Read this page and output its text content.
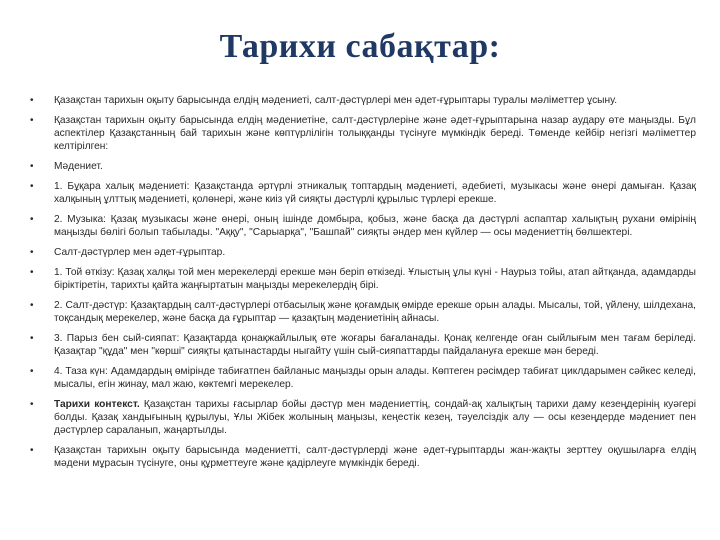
Тарихи сабақтар:
• Қазақстан тарихын оқыту барысында елдің мәдениеті, салт-дәстүрлері мен әдет-ғұрыптары туралы мәліметтер ұсыну.
• Қазақстан тарихын оқыту барысында елдің мәдениетіне, салт-дәстүрлеріне және әдет-ғұрыптарына назар аудару өте маңызды. Бұл аспектілер Қазақстанның бай тарихын және көптүрлілігін толыққанды түсінуге мүмкіндік береді. Төменде кейбір негізгі мәліметтер келтірілген:
• Мәдениет.
• 1. Бұқара халық мәдениеті: Қазақстанда әртүрлі этникалық топтардың мәдениеті, әдебиеті, музыкасы және өнері дамыған. Қазақ халқының ұлттық мәдениеті, қолөнері, және киіз үй сияқты дәстүрлі құрылыс түрлері ерекше.
• 2. Музыка: Қазақ музыкасы және өнері, оның ішінде домбыра, қобыз, және басқа да дәстүрлі аспаптар халықтың рухани өмірінің маңызды бөлігі болып табылады. "Аққу", "Сарыарқа", "Башпай" сияқты әндер мен күйлер — осы мәдениеттің бөлшектері.
• Салт-дәстүрлер мен әдет-ғұрыптар.
• 1. Той өткізу: Қазақ халқы той мен мерекелерді ерекше мән беріп өткізеді. Ұлыстың ұлы күні - Наурыз тойы, атап айтқанда, адамдарды біріктіретін, тарихты қайта жаңғыртатын маңызды мерекелердің бірі.
• 2. Салт-дәстүр: Қазақтардың салт-дәстүрлері отбасылық және қоғамдық өмірде ерекше орын алады. Мысалы, той, үйлену, шілдехана, тоқсандық мерекелер, және басқа да ғұрыптар — қазақтың мәдениетінің айнасы.
• 3. Парыз бен сый-сияпат: Қазақтарда қонақжайлылық өте жоғары бағаланады. Қонақ келгенде оған сыйлығым мен тағам беріледі. Қазақтар "құда" мен "көрші" сияқты қатынастарды ныгайту үшін сый-сияпаттарды пайдалануға ерекше мән береді.
• 4. Таза күн: Адамдардың өмірінде табиғатпен байланыс маңызды орын алады. Көптеген рәсімдер табиғат циклдарымен сәйкес келеді, мысалы, егін жинау, мал жаю, көктемгі мерекелер.
• Тарихи контекст. Қазақстан тарихы ғасырлар бойы дәстүр мен мәдениеттің, сондай-ақ халықтың тарихи даму кезеңдерінің куәгері болды. Қазақ хандығының құрылуы, Ұлы Жібек жолының маңызы, кеңестік кезең, тәуелсіздік алу — осы кезеңдерде мәдениет пен дәстүрлер сараланып, жаңартылды.
• Қазақстан тарихын оқыту барысында мәдениетті, салт-дәстүрлерді және әдет-ғұрыптарды жан-жақты зерттеу оқушыларға елдің мәдени мұрасын түсінуге, оны құрметтеуге және қадірлеуге мүмкіндік береді.
